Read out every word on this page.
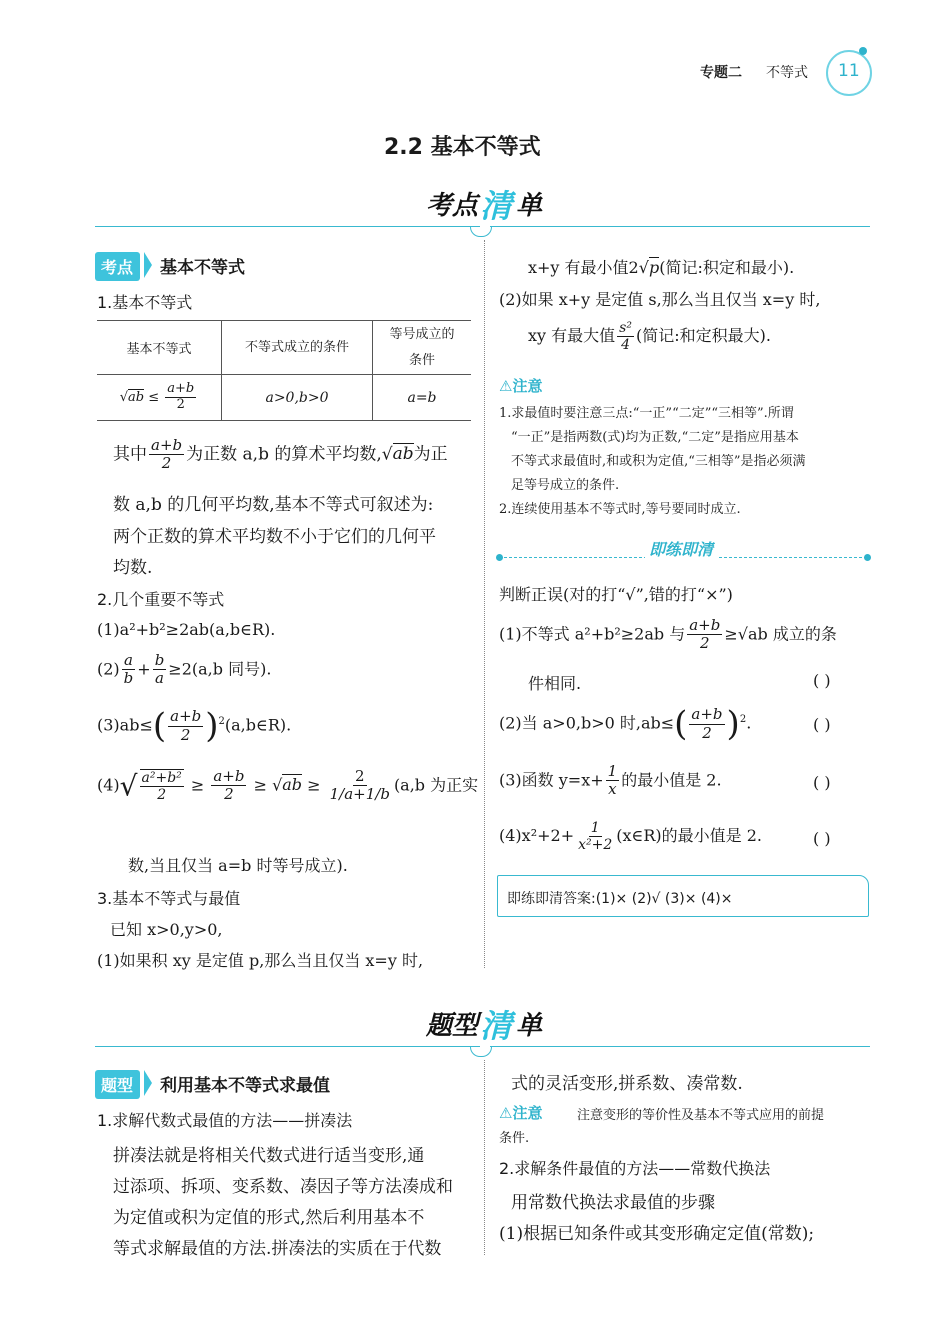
专题二 不等式 11
2.2 基本不等式
考点 清 单
考点	基本不等式
1.基本不等式
基本不等式	不等式成立的条件	等号成立的条件
$√ab \le \frac{a+b}{2}$	a>0,b>0	a=b
其中 $\frac{a+b}{2}$ 为正数 a,b 的算术平均数,√ab为正
数 a,b 的几何平均数,基本不等式可叙述为:
两个正数的算术平均数不小于它们的几何平
均数.
2.几个重要不等式
(1)a²+b²≥2ab(a,b∈R).
$(2) \frac{a}{b} + \frac{b}{a} \ge 2(a,b$ 同号).
$(3)ab\le( \frac{a+b}{2}$ )$^2(a,b\in R)$.
$(4)√ \frac{\text{a²+b²}}{2} \ge \frac{a+b}{2} \ge √ab \ge \frac{2}{1/a+1/b} (a,b$ 为正实
数,当且仅当 a=b 时等号成立).
3.基本不等式与最值
已知 x>0,y>0,
(1)如果积 xy 是定值 p,那么当且仅当 x=y 时,
x+y 有最小值2√p(简记:积定和最小).
(2)如果 x+y 是定值 s,那么当且仅当 x=y 时,
xy 有最大值 $\frac{\text{s²}}{4}$ (简记:和定积最大).
⚠注意
1.求最值时要注意三点:“一正”“二定”“三相等”.所谓
“一正”是指两数(式)均为正数,“二定”是指应用基本
不等式求最值时,和或积为定值,“三相等”是指必须满
足等号成立的条件.
2.连续使用基本不等式时,等号要同时成立.
即练即清
判断正误(对的打“√”,错的打“×”)
(1)不等式 a²+b²≥2ab 与 $\frac{a+b}{2} \ge√ab$ 成立的条
件相同.	( )
(2)当 a>0,b>0 时$,ab\le( \frac{a+b}{2} )^2$.	( )
(3)函数 $y=x+ \frac{1}{x}$ 的最小值是 2.	( )
$(4)x^2+2+ \frac{1}{\text{x²+2}}$ (x∈R)的最小值是 2.	( )
即练即清答案:(1)× (2)√ (3)× (4)×
题型 清 单
题型	利用基本不等式求最值
1.求解代数式最值的方法——拼凑法
拼凑法就是将相关代数式进行适当变形,通
过添项、拆项、变系数、凑因子等方法凑成和
为定值或积为定值的形式,然后利用基本不
等式求解最值的方法.拼凑法的实质在于代数
式的灵活变形,拼系数、凑常数.
⚠注意	注意变形的等价性及基本不等式应用的前提
条件.
2.求解条件最值的方法——常数代换法
用常数代换法求最值的步骤
(1)根据已知条件或其变形确定定值(常数);
